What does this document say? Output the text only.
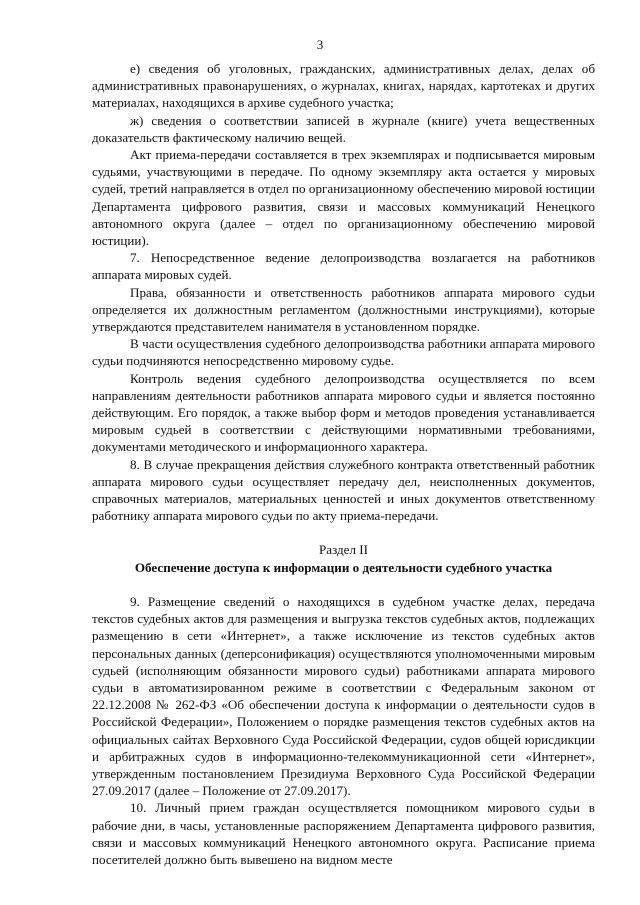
3

е) сведения об уголовных, гражданских, административных делах, делах об административных правонарушениях, о журналах, книгах, нарядах, картотеках и других материалах, находящихся в архиве судебного участка;

ж) сведения о соответствии записей в журнале (книге) учета вещественных доказательств фактическому наличию вещей.

Акт приема-передачи составляется в трех экземплярах и подписывается мировым судьями, участвующими в передаче. По одному экземпляру акта остается у мировых судей, третий направляется в отдел по организационному обеспечению мировой юстиции Департамента цифрового развития, связи и массовых коммуникаций Ненецкого автономного округа (далее – отдел по организационному обеспечению мировой юстиции).

7. Непосредственное ведение делопроизводства возлагается на работников аппарата мировых судей.

Права, обязанности и ответственность работников аппарата мирового судьи определяется их должностным регламентом (должностными инструкциями), которые утверждаются представителем нанимателя в установленном порядке.

В части осуществления судебного делопроизводства работники аппарата мирового судьи подчиняются непосредственно мировому судье.

Контроль ведения судебного делопроизводства осуществляется по всем направлениям деятельности работников аппарата мирового судьи и является постоянно действующим. Его порядок, а также выбор форм и методов проведения устанавливается мировым судьей в соответствии с действующими нормативными требованиями, документами методического и информационного характера.

8. В случае прекращения действия служебного контракта ответственный работник аппарата мирового судьи осуществляет передачу дел, неисполненных документов, справочных материалов, материальных ценностей и иных документов ответственному работнику аппарата мирового судьи по акту приема-передачи.

Раздел II

Обеспечение доступа к информации о деятельности судебного участка

9. Размещение сведений о находящихся в судебном участке делах, передача текстов судебных актов для размещения и выгрузка текстов судебных актов, подлежащих размещению в сети «Интернет», а также исключение из текстов судебных актов персональных данных (деперсонификация) осуществляются уполномоченными мировым судьей (исполняющим обязанности мирового судьи) работниками аппарата мирового судьи в автоматизированном режиме в соответствии с Федеральным законом от 22.12.2008 № 262-ФЗ «Об обеспечении доступа к информации о деятельности судов в Российской Федерации», Положением о порядке размещения текстов судебных актов на официальных сайтах Верховного Суда Российской Федерации, судов общей юрисдикции и арбитражных судов в информационно-телекоммуникационной сети «Интернет», утвержденным постановлением Президиума Верховного Суда Российской Федерации 27.09.2017 (далее – Положение от 27.09.2017).

10. Личный прием граждан осуществляется помощником мирового судьи в рабочие дни, в часы, установленные распоряжением Департамента цифрового развития, связи и массовых коммуникаций Ненецкого автономного округа. Расписание приема посетителей должно быть вывешено на видном месте
